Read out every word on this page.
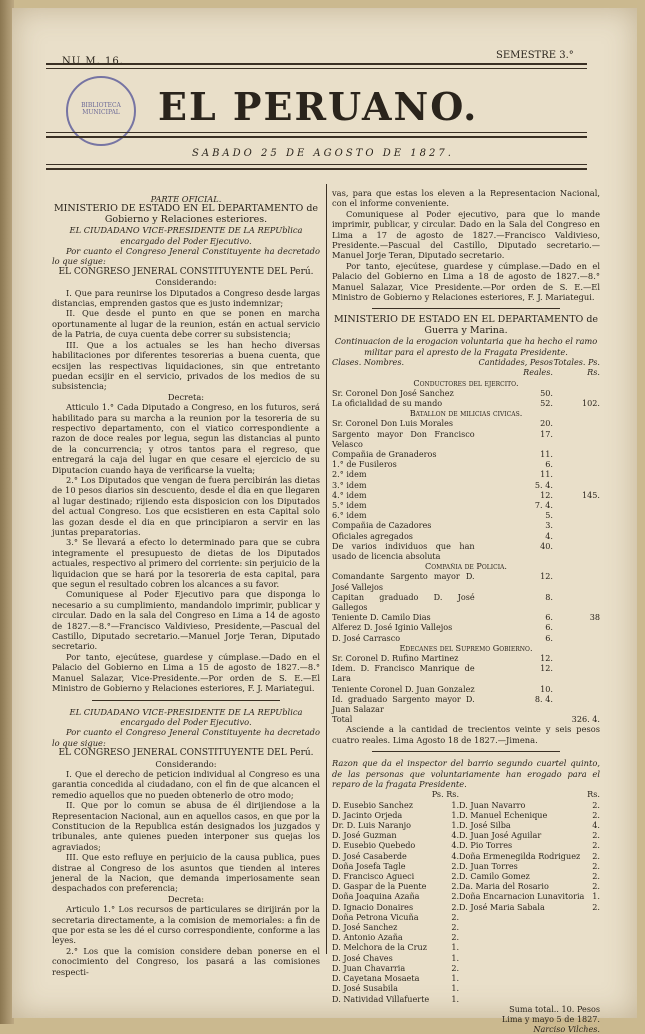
NU M. 16.
SEMESTRE 3.°
BIBLIOTECA MUNICIPAL	EL PERUANO.
SABADO 25 DE AGOSTO DE 1827.
PARTE OFICIAL.
MINISTERIO DE ESTADO EN EL DEPARTAMENTO de Gobierno y Relaciones esteriores.
EL CIUDADANO VICE-PRESIDENTE DE LA REPUblica encargado del Poder Ejecutivo.
Por cuanto el Congreso Jeneral Constituyente ha decretado lo que sigue:
EL CONGRESO JENERAL CONSTITUYENTE DEL Perú.
Considerando:
I. Que para reunirse los Diputados a Congreso desde largas distancias, emprenden gastos que es justo indemnizar;
II. Que desde el punto en que se ponen en marcha oportunamente al lugar de la reunion, están en actual servicio de la Patria, de cuya cuenta debe correr su subsistencia;
III. Que a los actuales se les han hecho diversas habilitaciones por diferentes tesorerias a buena cuenta, que ecsijen las respectivas liquidaciones, sin que entretanto puedan ecsijir en el servicio, privados de los medios de su subsistencia;
Decreta:
Atticulo 1.° Cada Diputado a Congreso, en los futuros, será habilitado para su marcha a la reunion por la tesoreria de su respectivo departamento, con el viatico correspondiente a razon de doce reales por legua, segun las distancias al punto de la concurrencia; y otros tantos para el regreso, que entregará la caja del lugar en que cesare el ejercicio de su Diputacion cuando haya de verificarse la vuelta;
2.° Los Diputados que vengan de fuera percibirán las dietas de 10 pesos diarios sin descuento, desde el dia en que llegaren al lugar destinado; rijiendo esta disposicion con los Diputados del actual Congreso. Los que ecsistieren en esta Capital solo las gozan desde el dia en que principiaron a servir en las juntas preparatorias.
3.° Se llevará a efecto lo determinado para que se cubra integramente el presupuesto de dietas de los Diputados actuales, respectivo al primero del corriente: sin perjuicio de la liquidacion que se hará por la tesoreria de esta capital, para que segun el resultado cobren los alcances a su favor.
Comuniquese al Poder Ejecutivo para que disponga lo necesario a su cumplimiento, mandandolo imprimir, publicar y circular. Dado en la sala del Congreso en Lima a 14 de agosto de 1827.—8.°—Francisco Valdivieso, Presidente,—Pascual del Castillo, Diputado secretario.—Manuel Jorje Teran, Diputado secretario.
Por tanto, ejecútese, guardese y cúmplase.—Dado en el Palacio del Gobierno en Lima a 15 de agosto de 1827.—8.° Manuel Salazar, Vice-Presidente.—Por orden de S. E.—El Ministro de Gobierno y Relaciones esteriores, F. J. Mariategui.
EL CIUDADANO VICE-PRESIDENTE DE LA REPUblica encargado del Poder Ejecutivo.
Por cuanto el Congreso Jeneral Constituyente ha decretado lo que sigue:
EL CONGRESO JENERAL CONSTITUYENTE DEL Perú.
Considerando:
I. Que el derecho de peticion individual al Congreso es una garantia concedida al ciudadano, con el fin de que alcancen el remedio aquellos que no pueden obtenerlo de otro modo;
II. Que por lo comun se abusa de él dirijiendose a la Representacion Nacional, aun en aquellos casos, en que por la Constitucion de la Republica están designados los juzgados y tribunales, ante quienes pueden interponer sus quejas los agraviados;
III. Que esto refluye en perjuicio de la causa publica, pues distrae al Congreso de los asuntos que tienden al interes jeneral de la Nacion, que demanda imperiosamente sean despachados con preferencia;
Decreta:
Articulo 1.° Los recursos de particulares se dirijirán por la secretaria directamente, a la comision de memoriales: a fin de que por esta se les dé el curso correspondiente, conforme a las leyes.
2.° Los que la comision considere deban ponerse en el conocimiento del Congreso, los pasará a las comisiones respecti-
vas, para que estas los eleven a la Representacion Nacional, con el informe conveniente.
Comuniquese al Poder ejecutivo, para que lo mande imprimir, publicar, y circular. Dado en la Sala del Congreso en Lima a 17 de agosto de 1827.—Francisco Valdivieso, Presidente.—Pascual del Castillo, Diputado secretario.—Manuel Jorje Teran, Diputado secretario.
Por tanto, ejecútese, guardese y cúmplase.—Dado en el Palacio del Gobierno en Lima a 18 de agosto de 1827.—8.° Manuel Salazar, Vice Presidente.—Por orden de S. E.—El Ministro de Gobierno y Relaciones esteriores, F. J. Mariategui.
MINISTERIO DE ESTADO EN EL DEPARTAMENTO de Guerra y Marina.
Continuacion de la erogacion voluntaria que ha hecho el ramo militar para el apresto de la Fragata Presidente.
Clases. Nombres.	Cantidades, Pesos Reales.	Totales. Ps. Rs.
Conductores del ejercito.		
Sr. Coronel Don José Sanchez	50.	
La oficialidad de su mando	52.	102.
Batallon de milicias civicas.		
Sr. Coronel Don Luis Morales	20.	
Sargento mayor Don Francisco Velasco	17.	
Compañia de Granaderos	11.	
1.° de Fusileros	6.	
2.° idem	11.	
3.° idem	5. 4.	
4.° idem	12.	145.
5.° idem	7. 4.	
6.° idem	5.	
Compañia de Cazadores	3.	
Oficiales agregados	4.	
De varios individuos que han usado de licencia absoluta	40.	
Compañia de Policia.		
Comandante Sargento mayor D. José Vallejos	12.	
Capitan graduado D. José Gallegos	8.	
Teniente D. Camilo Dias	6.	38
Alferez D. José Iginio Vallejos	6.	
D. José Carrasco	6.	
Edecanes del Supremo Gobierno.		
Sr. Coronel D. Rufino Martinez	12.	
Idem. D. Francisco Manrique de Lara	12.	
Teniente Coronel D. Juan Gonzalez	10.	
Id. graduado Sargento mayor D. Juan Salazar	8. 4.	
Total		326. 4.
Asciende a la cantidad de trecientos veinte y seis pesos cuatro reales. Lima Agosto 18 de 1827.—Jimena.
Razon que da el inspector del barrio segundo cuartel quinto, de las personas que voluntariamente han erogado para el reparo de la fragata Presidente.
	Ps. Rs.		Rs.
D. Eusebio Sanchez	1.	D. Juan Navarro	2.
D. Jacinto Orjeda	1.	D. Manuel Echenique	2.
Dr. D. Luis Naranjo	1.	D. José Silba	4.
D. José Guzman	4.	D. Juan José Aguilar	2.
D. Eusebio Quebedo	4.	D. Pio Torres	2.
D. José Casaberde	4.	Doña Ermenegilda Rodriguez	2.
Doña Josefa Tagle	2.	D. Juan Torres	2.
D. Francisco Agueci	2.	D. Camilo Gomez	2.
D. Gaspar de la Puente	2.	Da. Maria del Rosario	2.
Doña Joaquina Azaña	2.	Doña Encarnacion Lunavitoria	1.
D. Ignacio Donaires	2.	D. José Maria Sabala	2.
Doña Petrona Vicuña	2.		
D. José Sanchez	2.		
D. Antonio Azaña	2.		
D. Melchora de la Cruz	1.		
D. José Chaves	1.		
D. Juan Chavarria	2.		
D. Cayetana Mosaeta	1.		
D. José Susabila	1.		
D. Natividad Villafuerte	1.		
Suma total.. 10. Pesos			
Lima y mayo 5 de 1827.			
Narciso Vilches.			
